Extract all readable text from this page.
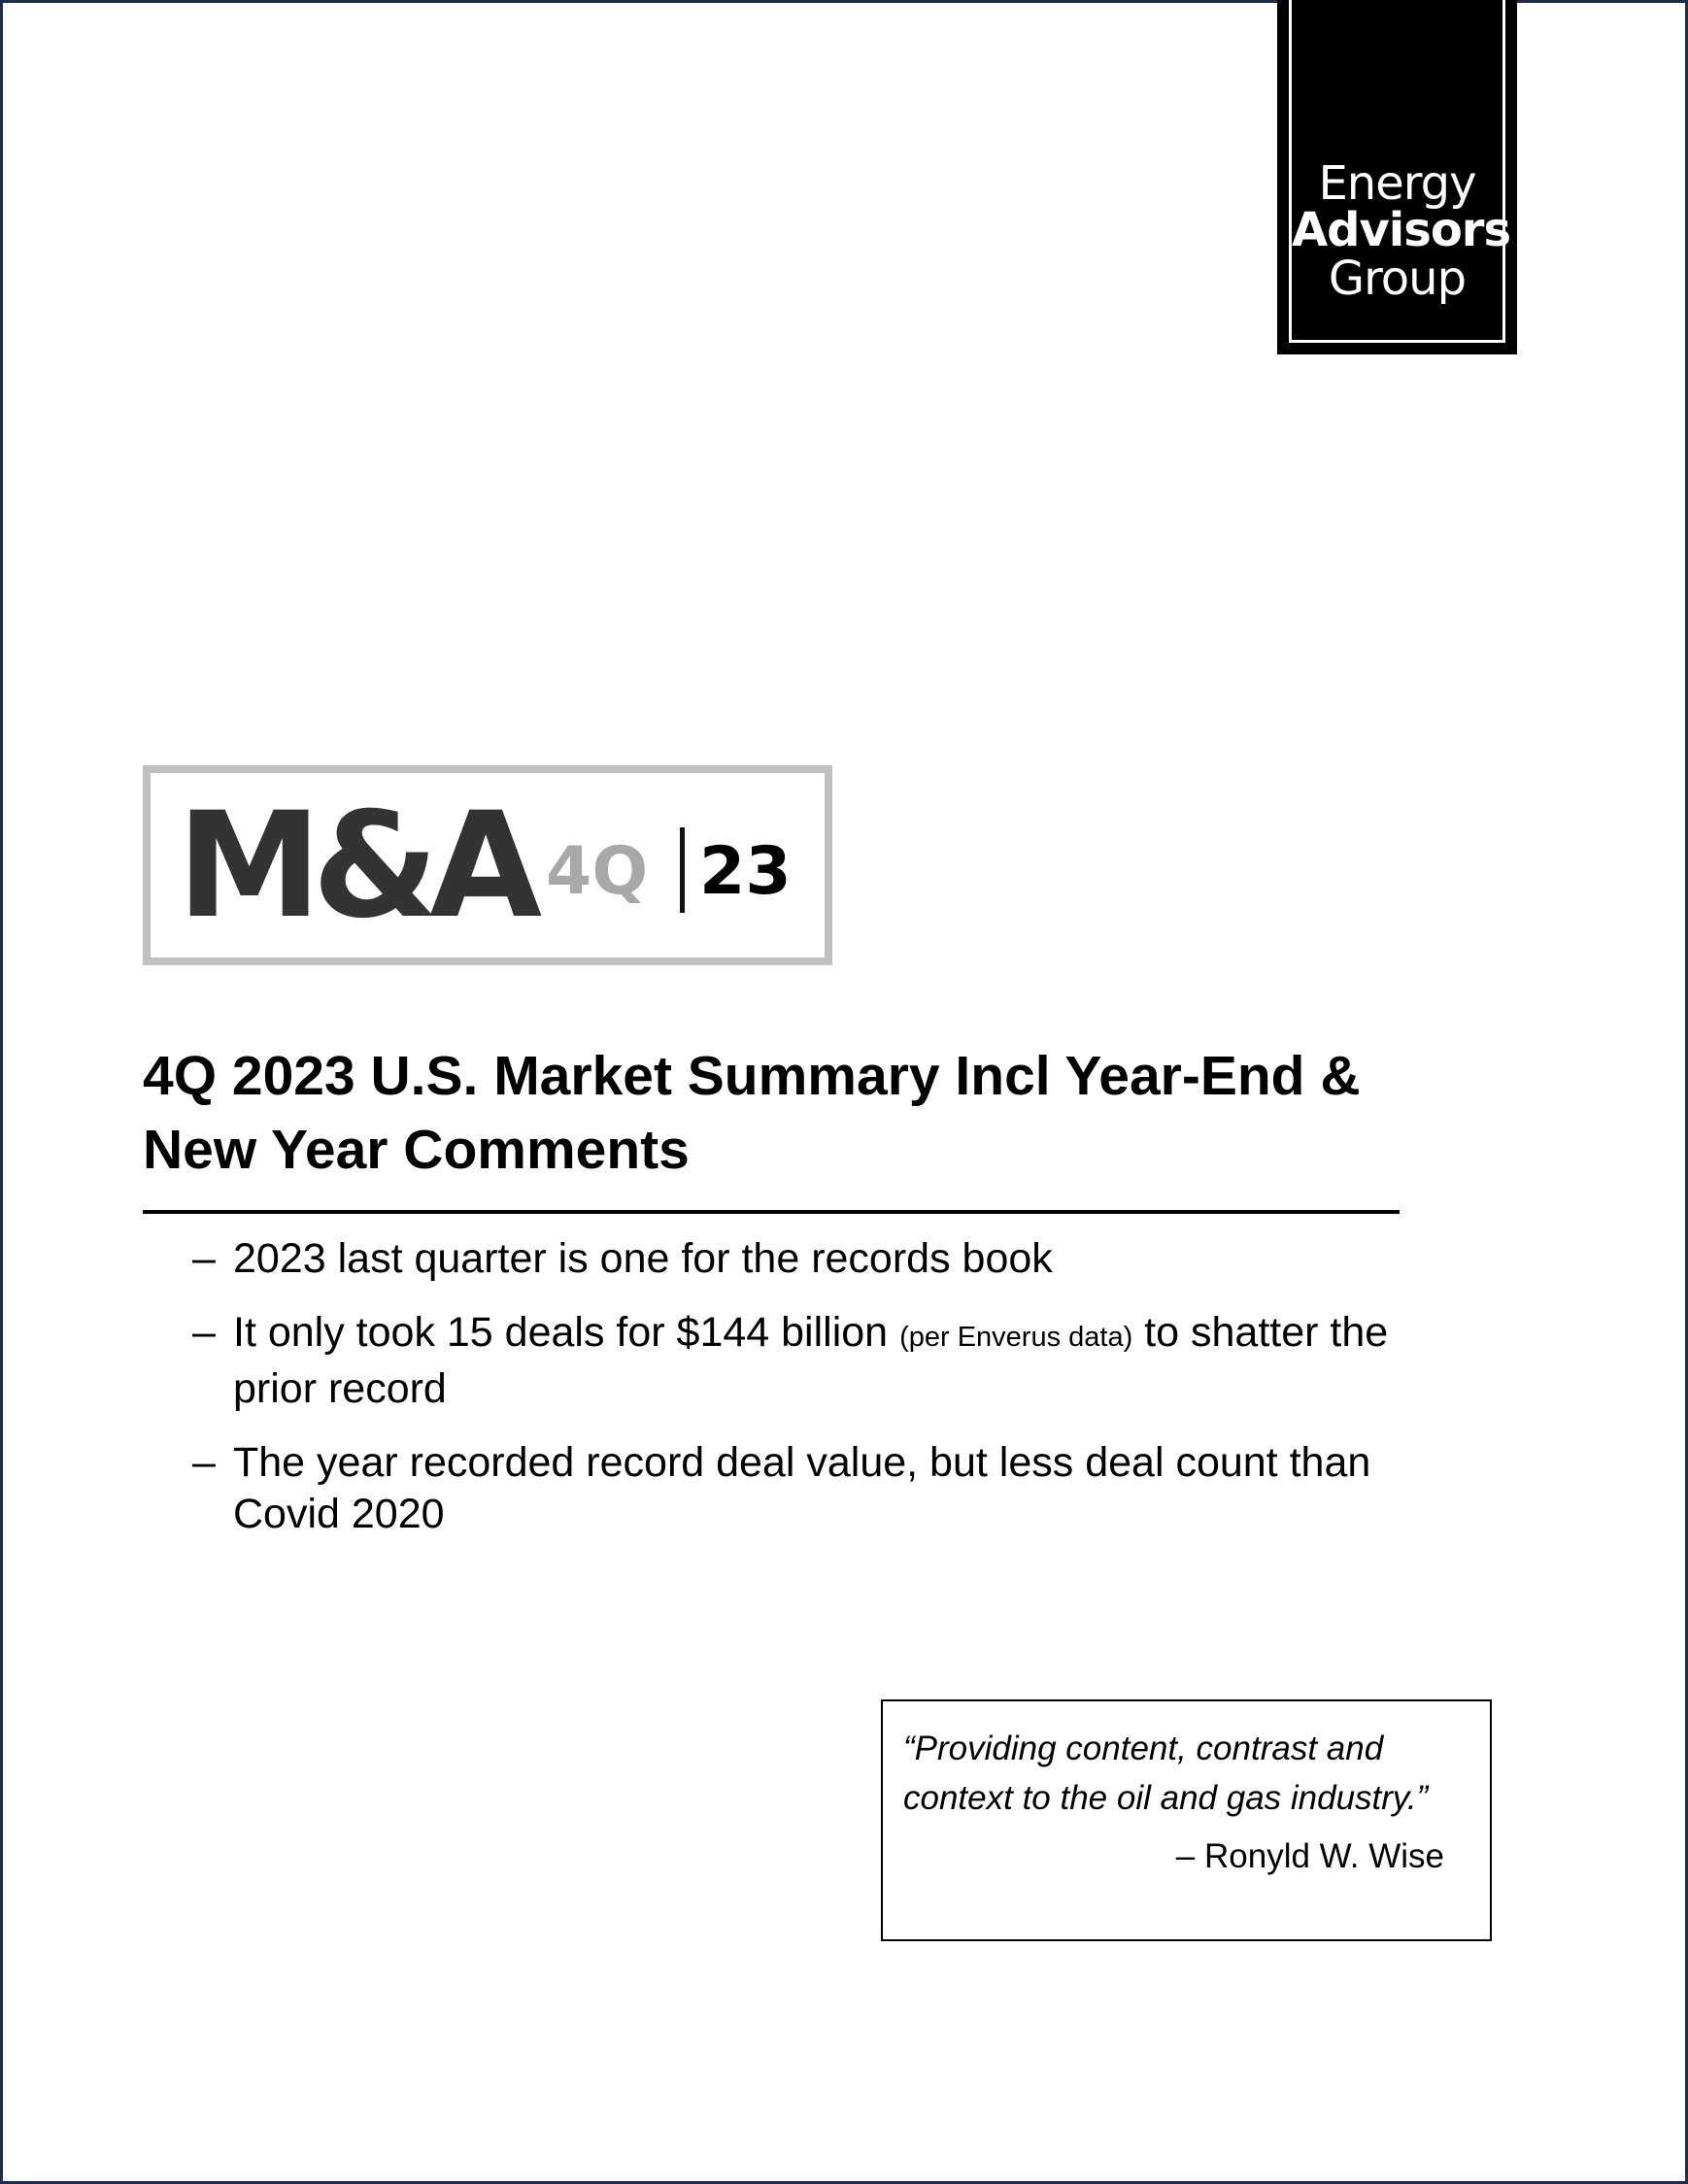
Energy
Advisors
Group
M&A 4Q 23
4Q 2023 U.S. Market Summary Incl Year-End & New Year Comments
– 2023 last quarter is one for the records book
– It only took 15 deals for $144 billion (per Enverus data) to shatter the prior record
– The year recorded record deal value, but less deal count than Covid 2020
“Providing content, contrast and context to the oil and gas industry.”
– Ronyld W. Wise
